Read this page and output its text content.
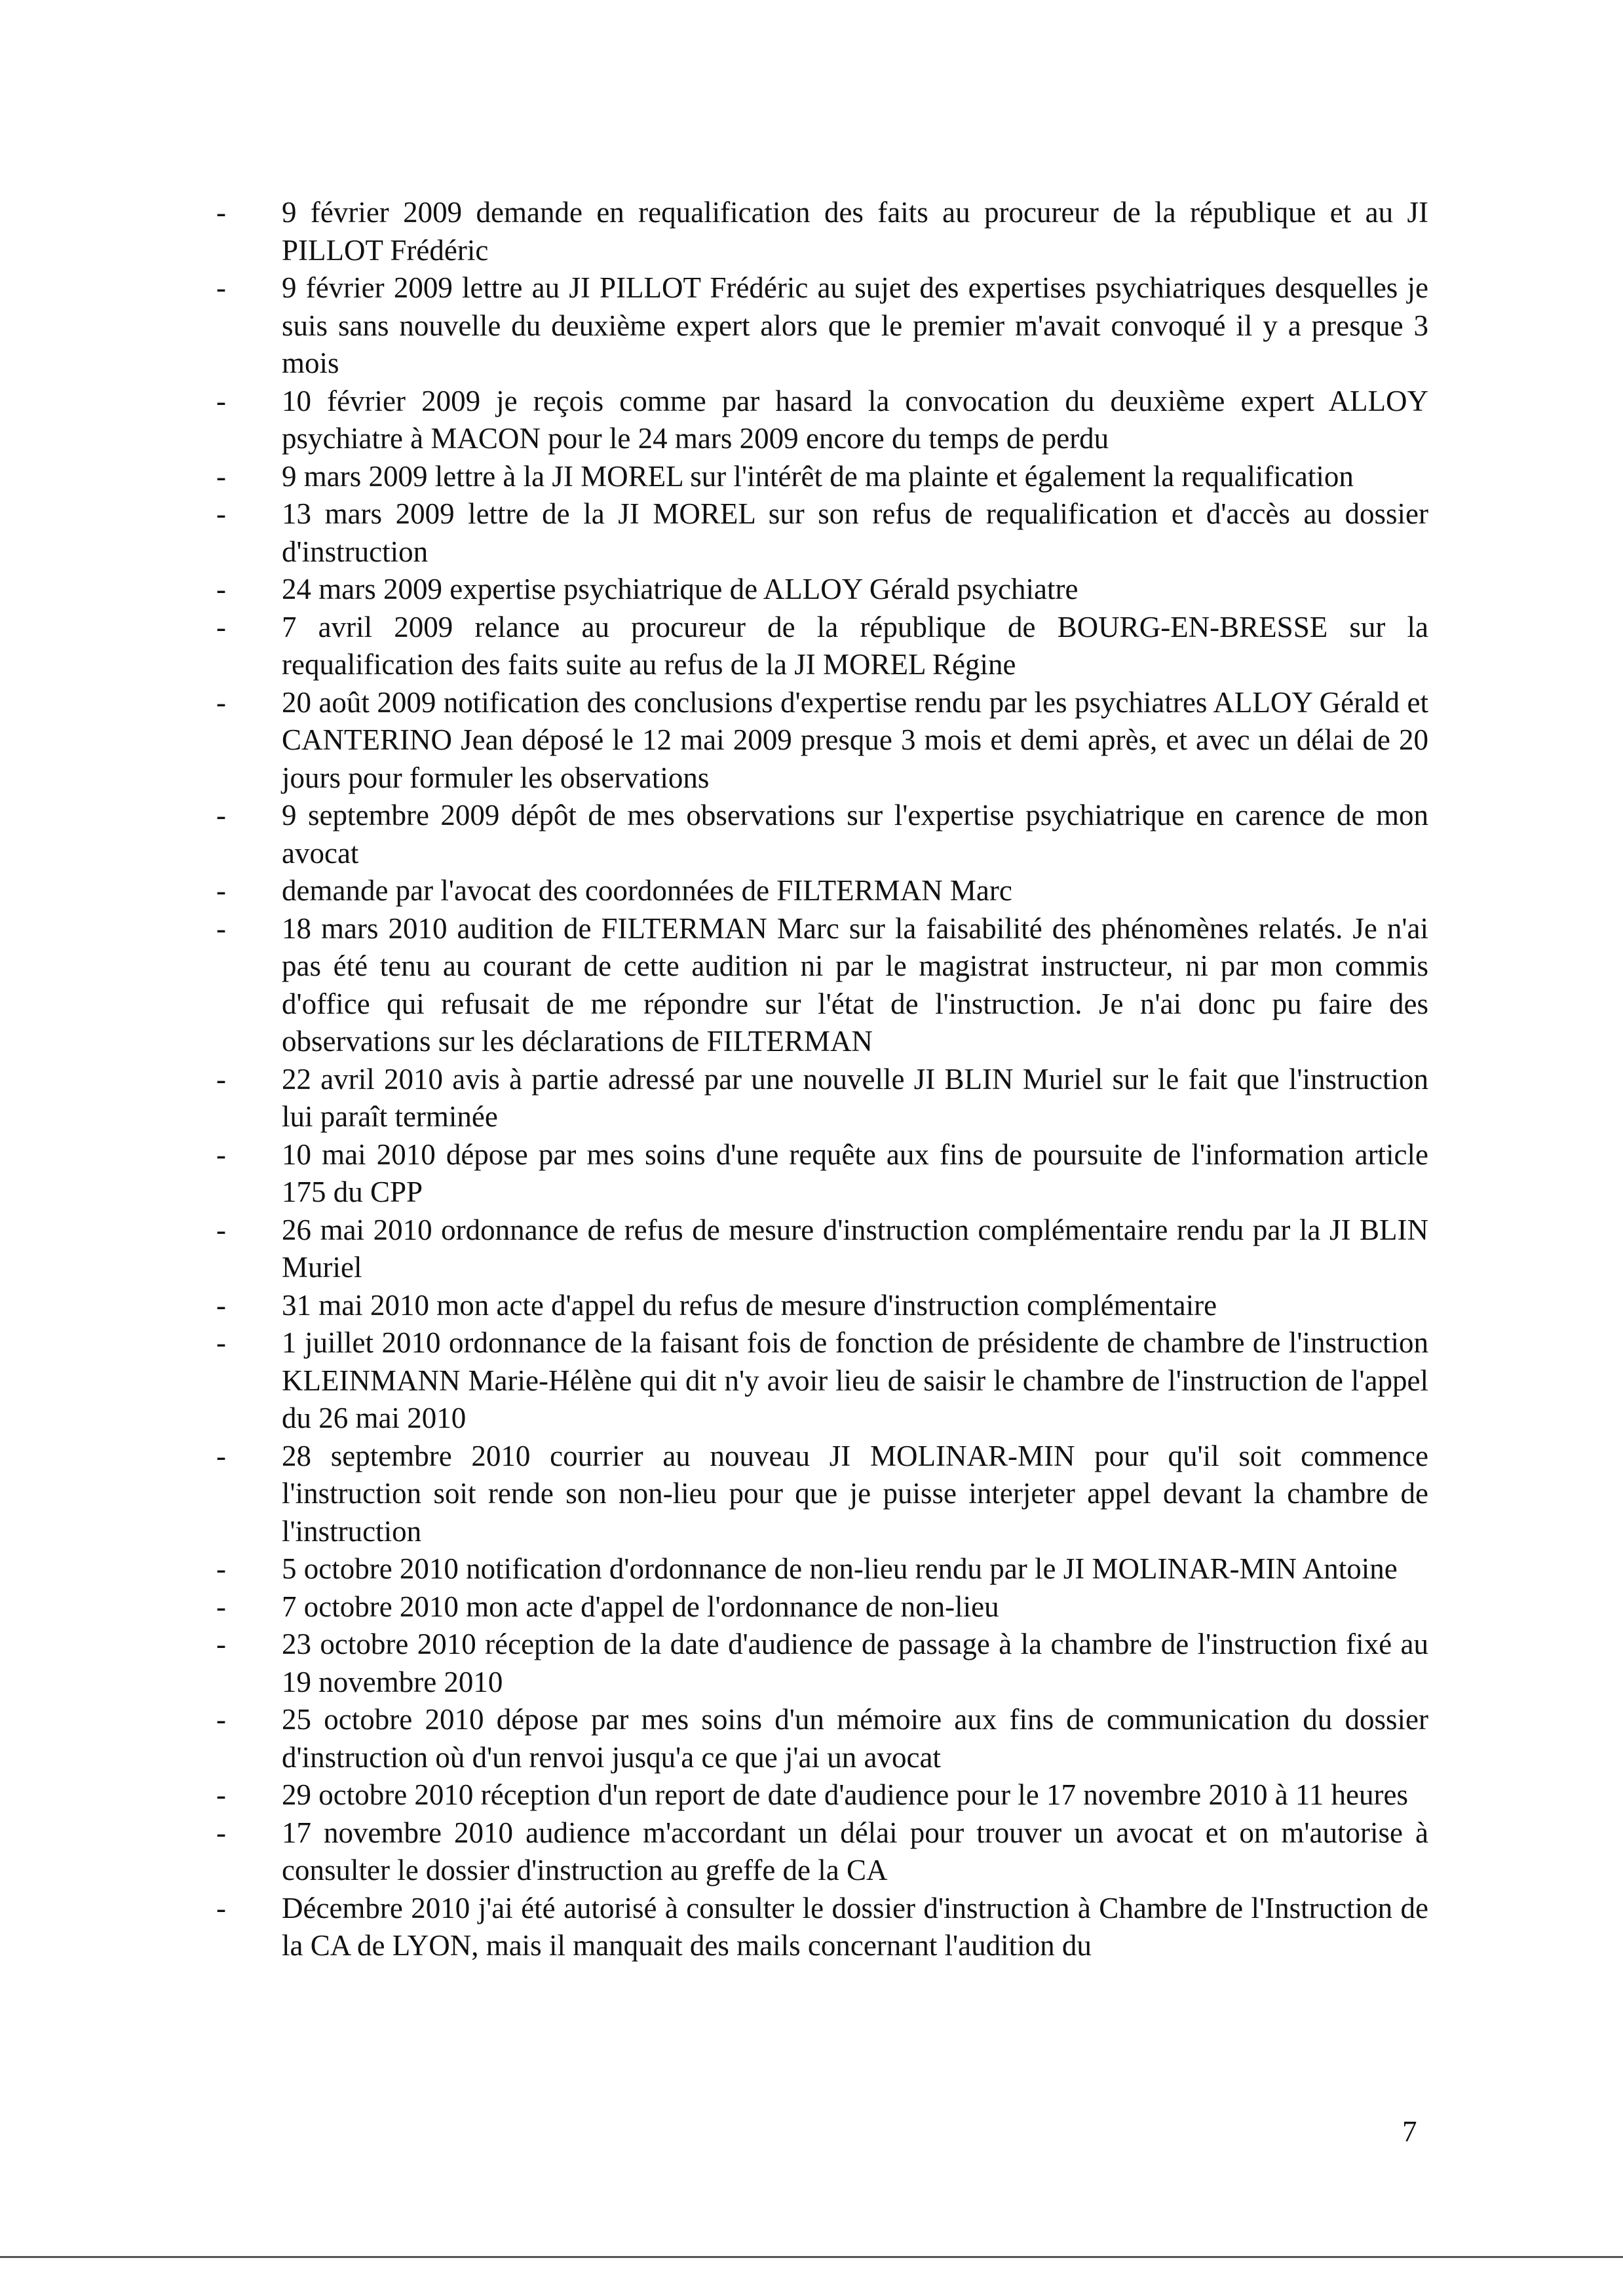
- 9 février 2009 demande en requalification des faits au procureur de la république et au JI PILLOT Frédéric
- 9 février 2009 lettre au JI PILLOT Frédéric au sujet des expertises psychiatriques desquelles je suis sans nouvelle du deuxième expert alors que le premier m'avait convoqué il y a presque 3 mois
- 10 février 2009 je reçois comme par hasard la convocation du deuxième expert ALLOY psychiatre à MACON pour le 24 mars 2009 encore du temps de perdu
- 9 mars 2009 lettre à la JI MOREL sur l'intérêt de ma plainte et également la requalification
- 13 mars 2009 lettre de la JI MOREL sur son refus de requalification et d'accès au dossier d'instruction
- 24 mars 2009 expertise psychiatrique de ALLOY Gérald psychiatre
- 7 avril 2009 relance au procureur de la république de BOURG-EN-BRESSE sur la requalification des faits suite au refus de la JI MOREL Régine
- 20 août 2009 notification des conclusions d'expertise rendu par les psychiatres ALLOY Gérald et CANTERINO Jean déposé le 12 mai 2009 presque 3 mois et demi après, et avec un délai de 20 jours pour formuler les observations
- 9 septembre 2009 dépôt de mes observations sur l'expertise psychiatrique en carence de mon avocat
- demande par l'avocat des coordonnées de FILTERMAN Marc
- 18 mars 2010 audition de FILTERMAN Marc sur la faisabilité des phénomènes relatés. Je n'ai pas été tenu au courant de cette audition ni par le magistrat instructeur, ni par mon commis d'office qui refusait de me répondre sur l'état de l'instruction. Je n'ai donc pu faire des observations sur les déclarations de FILTERMAN
- 22 avril 2010 avis à partie adressé par une nouvelle JI BLIN Muriel sur le fait que l'instruction lui paraît terminée
- 10 mai 2010 dépose par mes soins d'une requête aux fins de poursuite de l'information article 175 du CPP
- 26 mai 2010 ordonnance de refus de mesure d'instruction complémentaire rendu par la JI BLIN Muriel
- 31 mai 2010 mon acte d'appel du refus de mesure d'instruction complémentaire
- 1 juillet 2010 ordonnance de la faisant fois de fonction de présidente de chambre de l'instruction KLEINMANN Marie-Hélène qui dit n'y avoir lieu de saisir le chambre de l'instruction de l'appel du 26 mai 2010
- 28 septembre 2010 courrier au nouveau JI MOLINAR-MIN pour qu'il soit commence l'instruction soit rende son non-lieu pour que je puisse interjeter appel devant la chambre de l'instruction
- 5 octobre 2010 notification d'ordonnance de non-lieu rendu par le JI MOLINAR-MIN Antoine
- 7 octobre 2010 mon acte d'appel de l'ordonnance de non-lieu
- 23 octobre 2010 réception de la date d'audience de passage à la chambre de l'instruction fixé au 19 novembre 2010
- 25 octobre 2010 dépose par mes soins d'un mémoire aux fins de communication du dossier d'instruction où d'un renvoi jusqu'a ce que j'ai un avocat
- 29 octobre 2010 réception d'un report de date d'audience pour le 17 novembre 2010 à 11 heures
- 17 novembre 2010 audience m'accordant un délai pour trouver un avocat et on m'autorise à consulter le dossier d'instruction au greffe de la CA
- Décembre 2010 j'ai été autorisé à consulter le dossier d'instruction à Chambre de l'Instruction de la CA de LYON, mais il manquait des mails concernant l'audition du
7
